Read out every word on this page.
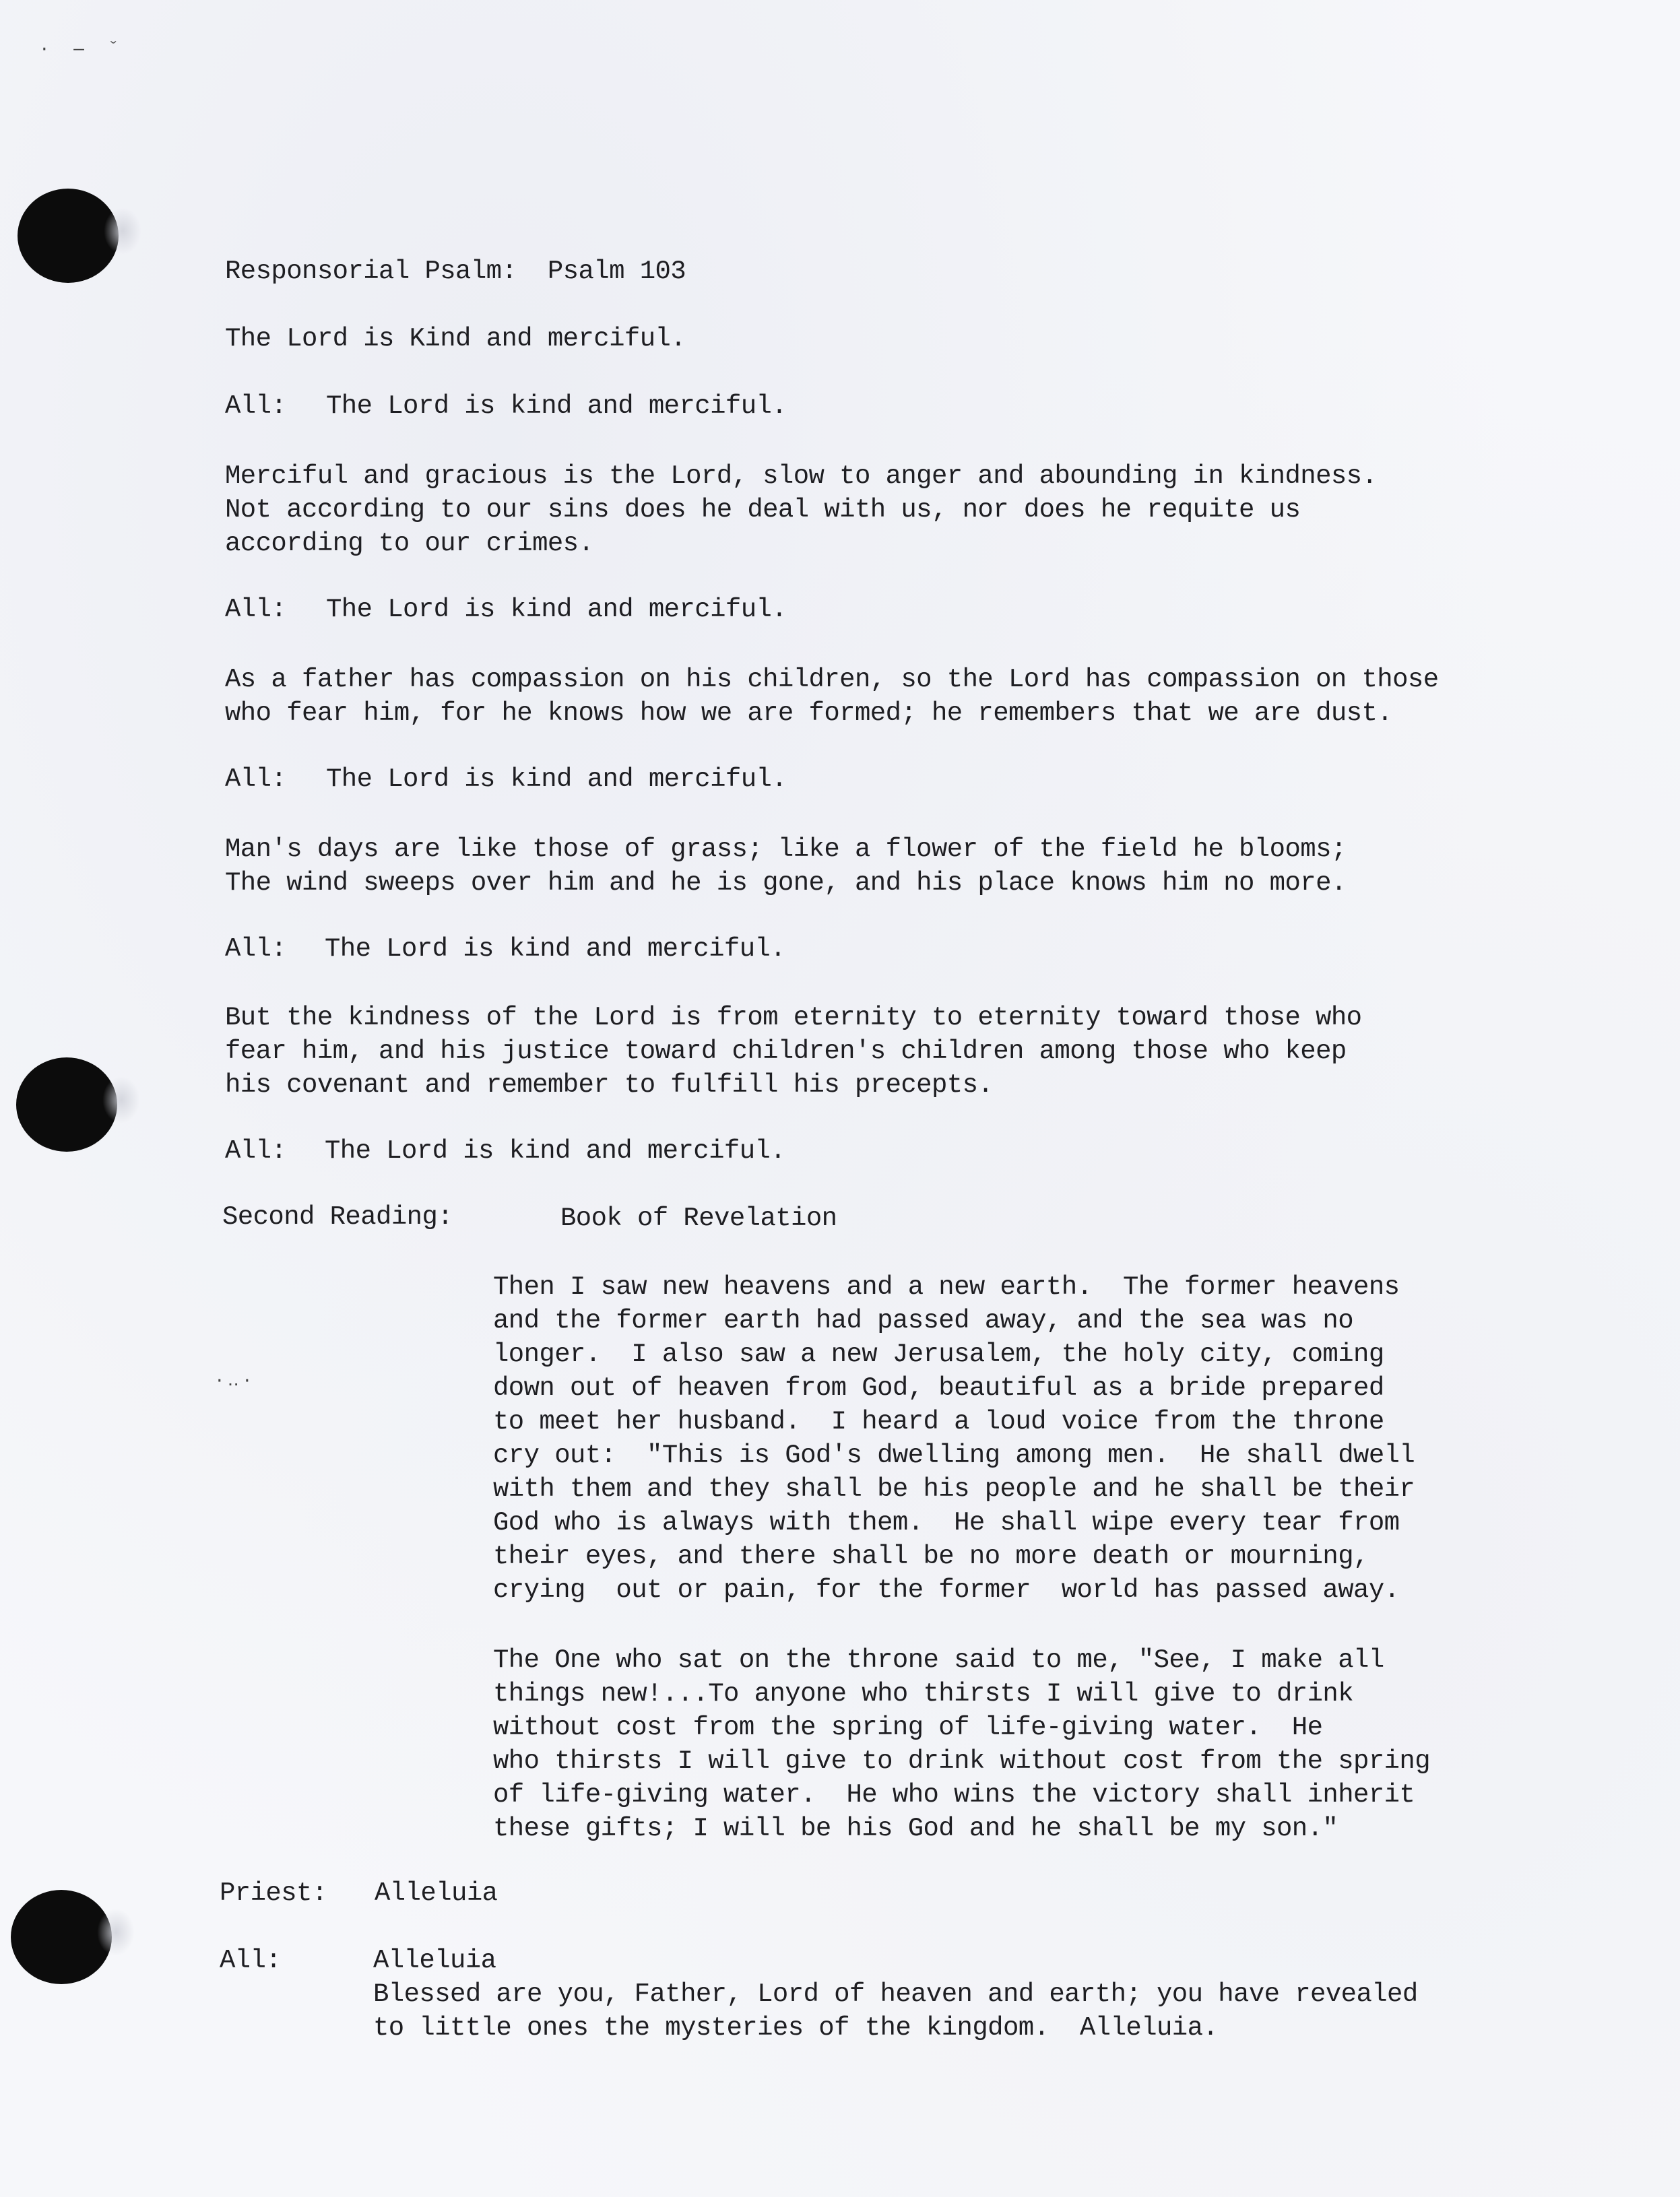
· — ˇ
·‥·

Responsorial Psalm:  Psalm 103

The Lord is Kind and merciful.

All: The Lord is kind and merciful.

Merciful and gracious is the Lord, slow to anger and abounding in kindness.
Not according to our sins does he deal with us, nor does he requite us
according to our crimes.

All: The Lord is kind and merciful.

As a father has compassion on his children, so the Lord has compassion on those
who fear him, for he knows how we are formed; he remembers that we are dust.

All: The Lord is kind and merciful.

Man's days are like those of grass; like a flower of the field he blooms;
The wind sweeps over him and he is gone, and his place knows him no more.

All: The Lord is kind and merciful.

But the kindness of the Lord is from eternity to eternity toward those who
fear him, and his justice toward children's children among those who keep
his covenant and remember to fulfill his precepts.

All: The Lord is kind and merciful.

Second Reading:	Book of Revelation

Then I saw new heavens and a new earth.  The former heavens
and the former earth had passed away, and the sea was no
longer.  I also saw a new Jerusalem, the holy city, coming
down out of heaven from God, beautiful as a bride prepared
to meet her husband.  I heard a loud voice from the throne
cry out:  "This is God's dwelling among men.  He shall dwell
with them and they shall be his people and he shall be their
God who is always with them.  He shall wipe every tear from
their eyes, and there shall be no more death or mourning,
crying  out or pain, for the former  world has passed away.

The One who sat on the throne said to me, "See, I make all
things new!...To anyone who thirsts I will give to drink
without cost from the spring of life-giving water.  He
who thirsts I will give to drink without cost from the spring
of life-giving water.  He who wins the victory shall inherit
these gifts; I will be his God and he shall be my son."

Priest: Alleluia

All:	Alleluia

Blessed are you, Father, Lord of heaven and earth; you have revealed
to little ones the mysteries of the kingdom.  Alleluia.
